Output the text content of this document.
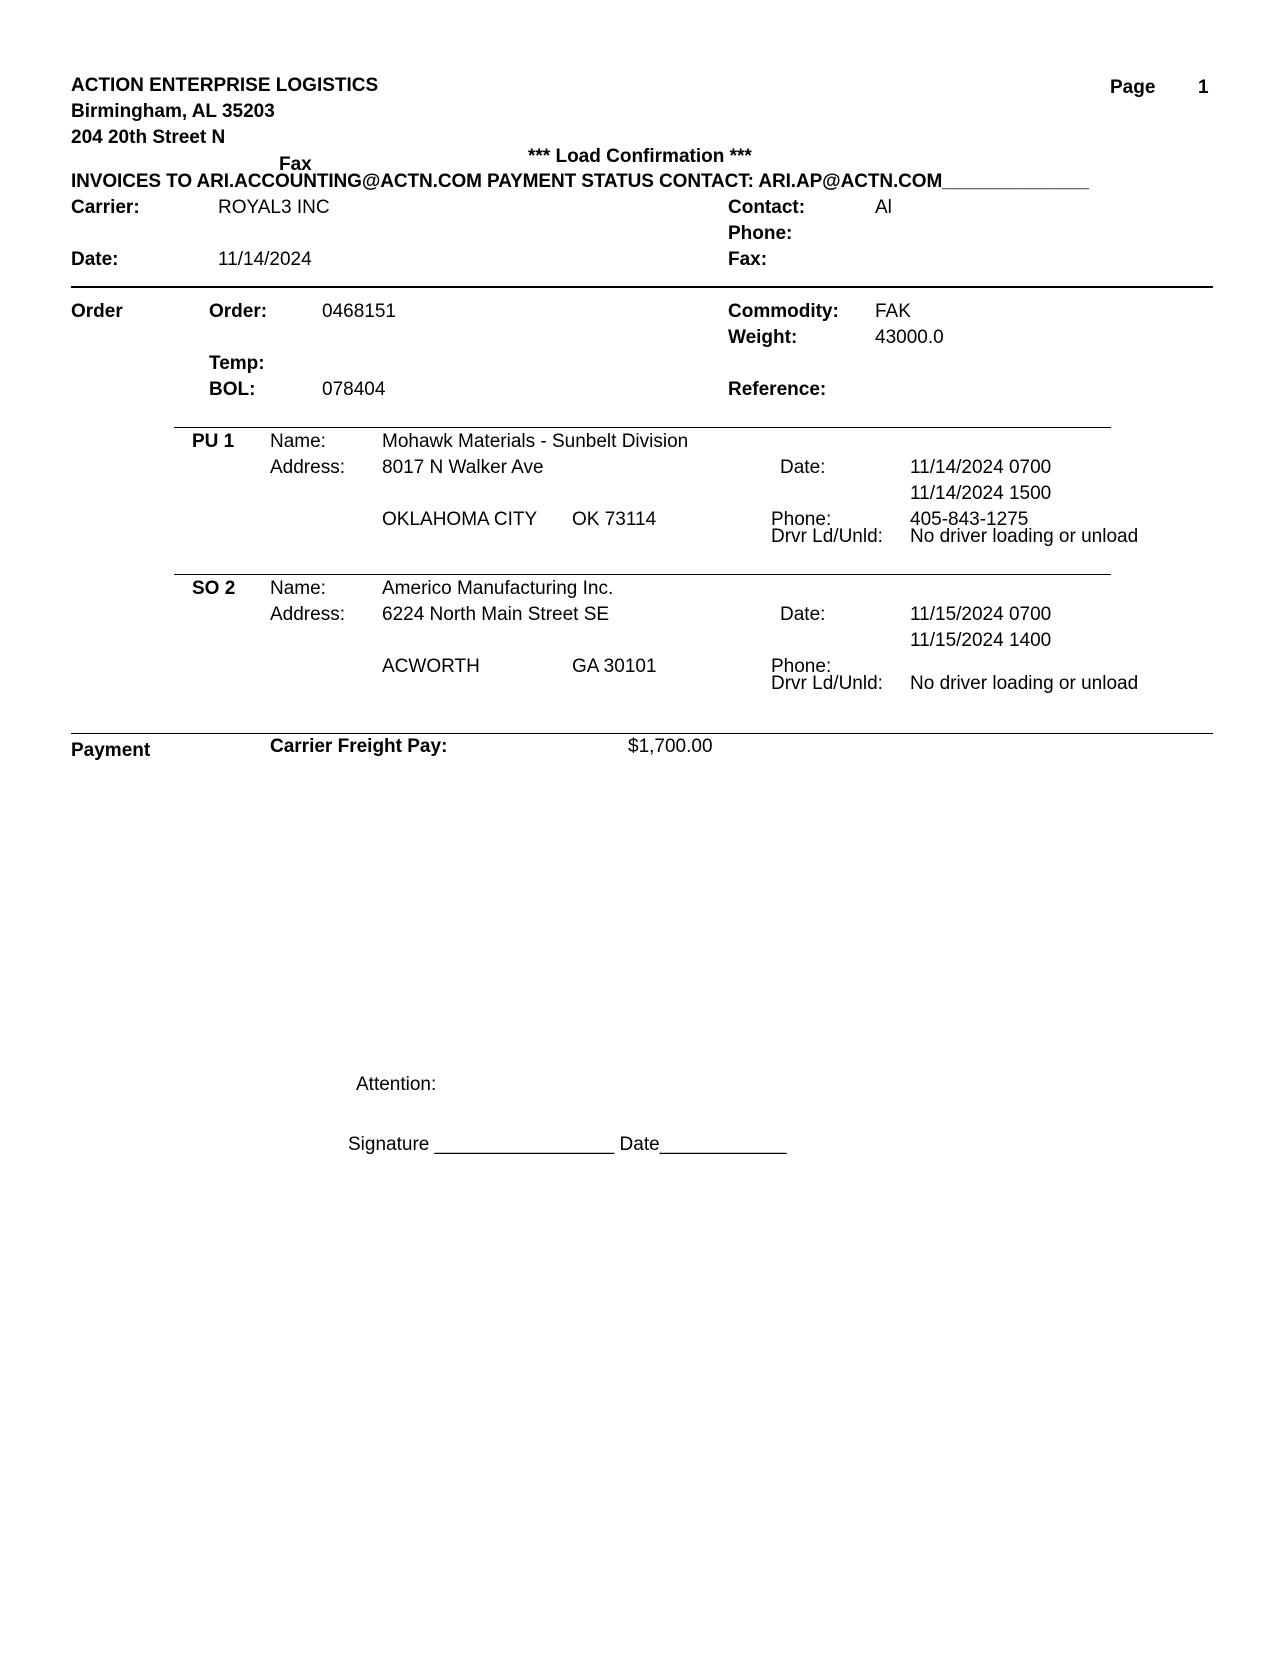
ACTION ENTERPRISE LOGISTICS
Birmingham, AL 35203
204 20th Street N
Fax	*** Load Confirmation ***
Page 1
INVOICES TO ARI.ACCOUNTING@ACTN.COM PAYMENT STATUS CONTACT: ARI.AP@ACTN.COM______________
Carrier:	ROYAL3 INC
Date:	11/14/2024
Contact:	Al
Phone:
Fax:
Order	Order:	0468151
Temp:
BOL:	078404
Commodity: FAK
Weight:	43000.0
Reference:
PU 1 Name:	Mohawk Materials - Sunbelt Division
Address: 8017 N Walker Ave
OKLAHOMA CITY OK 73114
Date:	11/14/2024 0700
11/14/2024 1500
Phone:	405-843-1275
Drvr Ld/Unld: No driver loading or unload
SO 2 Name:	Americo Manufacturing Inc.
Address: 6224 North Main Street SE
ACWORTH	GA 30101
Date:	11/15/2024 0700
11/15/2024 1400
Phone:
Drvr Ld/Unld: No driver loading or unload
Payment	Carrier Freight Pay:	$1,700.00
Attention:
Signature _________________ Date____________
